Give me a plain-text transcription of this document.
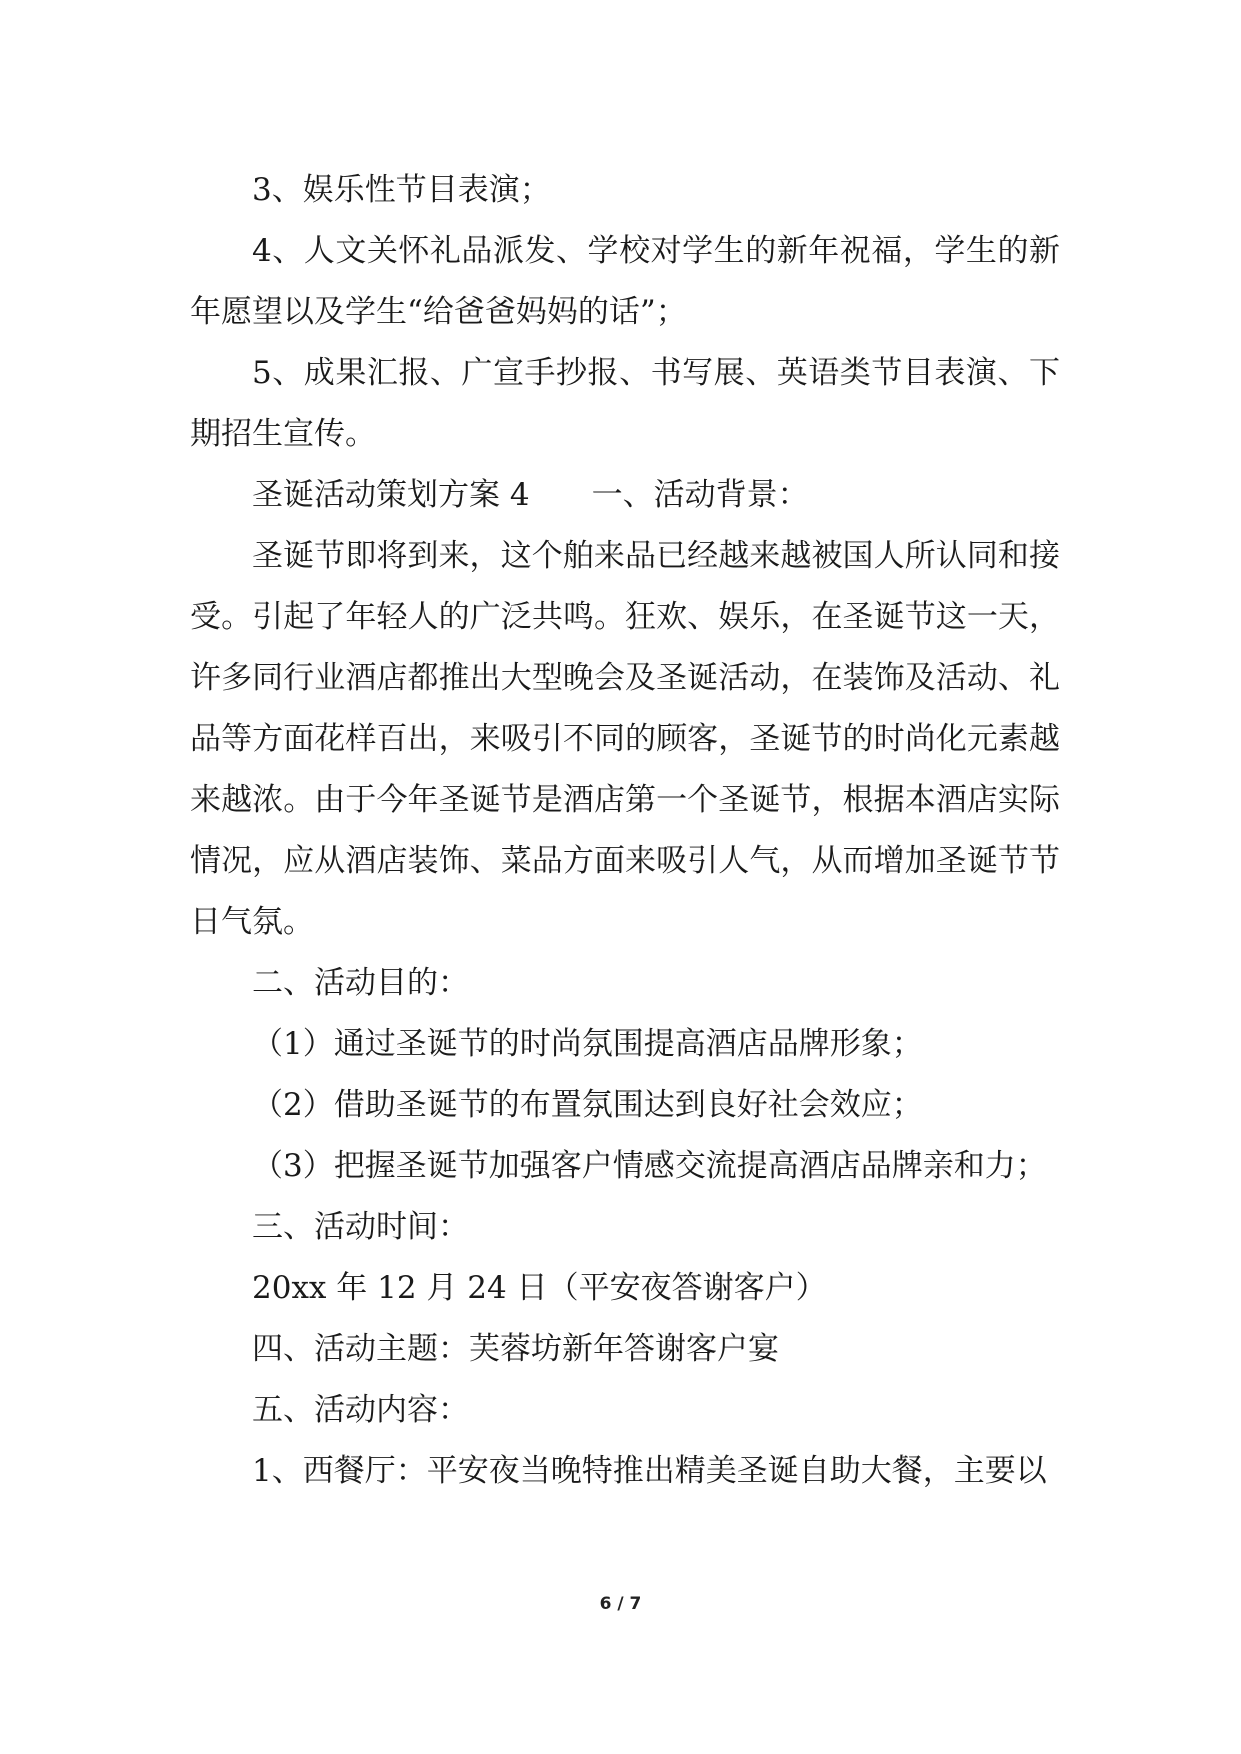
3、娱乐性节目表演；

4、人文关怀礼品派发、学校对学生的新年祝福，学生的新年愿望以及学生“给爸爸妈妈的话”；

5、成果汇报、广宣手抄报、书写展、英语类节目表演、下期招生宣传。

圣诞活动策划方案 4　　一、活动背景：

圣诞节即将到来，这个舶来品已经越来越被国人所认同和接受。引起了年轻人的广泛共鸣。狂欢、娱乐，在圣诞节这一天，许多同行业酒店都推出大型晚会及圣诞活动，在装饰及活动、礼品等方面花样百出，来吸引不同的顾客，圣诞节的时尚化元素越来越浓。由于今年圣诞节是酒店第一个圣诞节，根据本酒店实际情况，应从酒店装饰、菜品方面来吸引人气，从而增加圣诞节节日气氛。

二、活动目的：

（1）通过圣诞节的时尚氛围提高酒店品牌形象；

（2）借助圣诞节的布置氛围达到良好社会效应；

（3）把握圣诞节加强客户情感交流提高酒店品牌亲和力；

三、活动时间：

20xx 年 12 月 24 日（平安夜答谢客户）

四、活动主题：芙蓉坊新年答谢客户宴

五、活动内容：

1、西餐厅：平安夜当晚特推出精美圣诞自助大餐，主要以

6 / 7
